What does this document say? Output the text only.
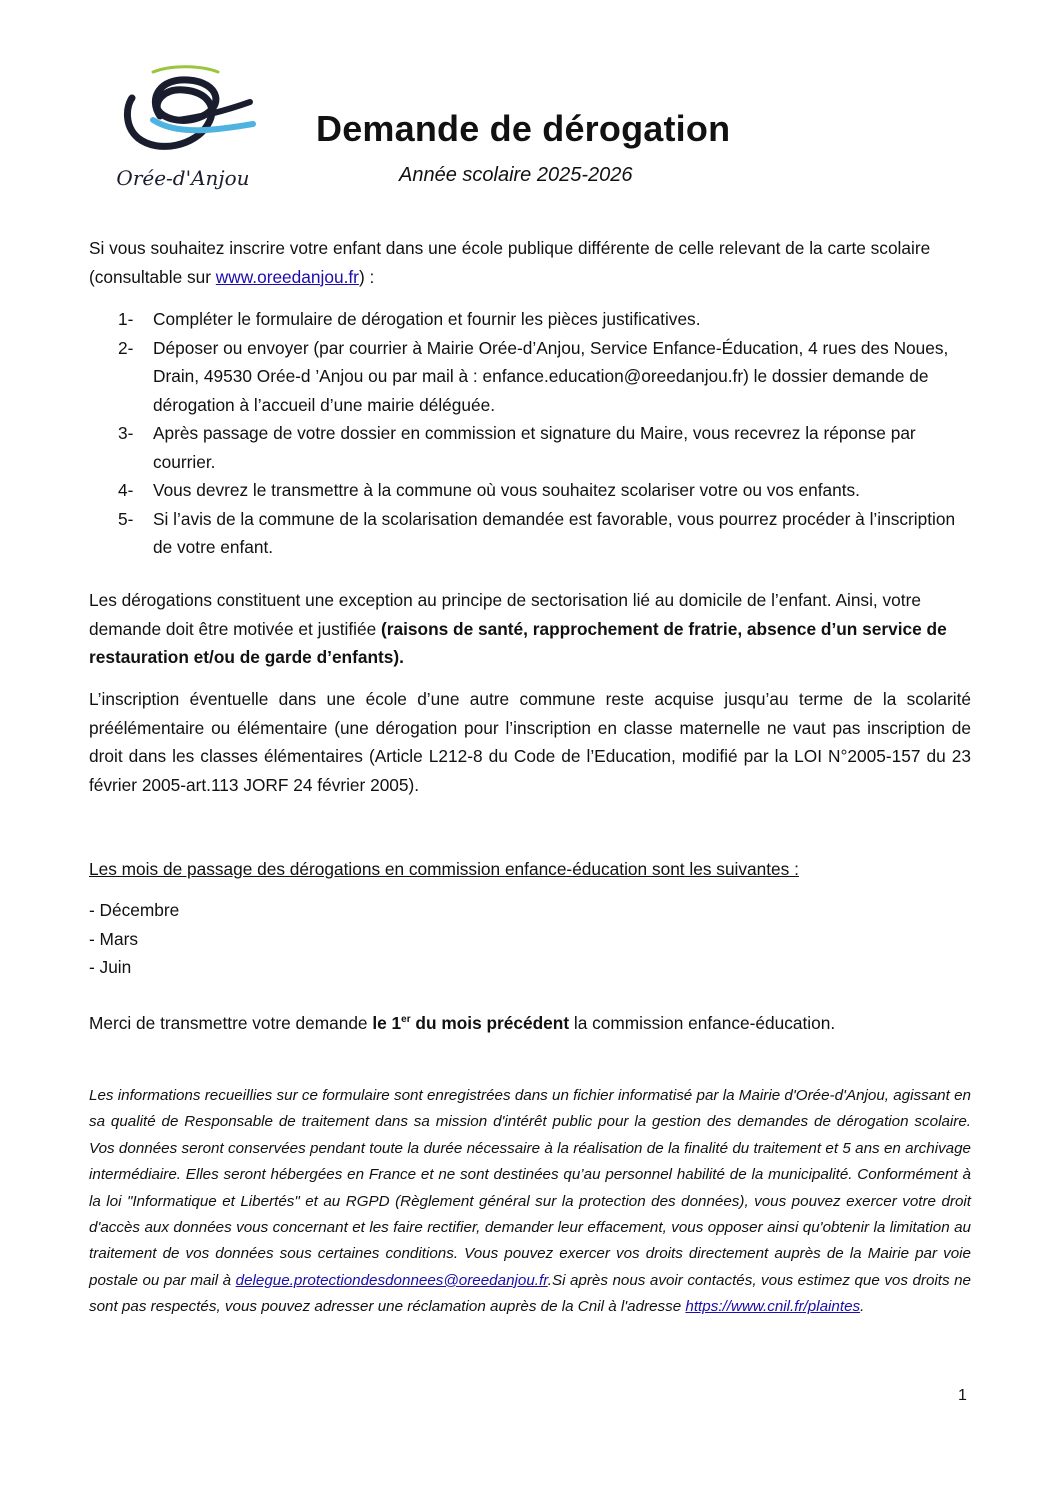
Orée-d'Anjou
Demande de dérogation

Année scolaire 2025-2026

Si vous souhaitez inscrire votre enfant dans une école publique différente de celle relevant de la carte scolaire (consultable sur www.oreedanjou.fr) :

1- Compléter le formulaire de dérogation et fournir les pièces justificatives.
2- Déposer ou envoyer (par courrier à Mairie Orée-d’Anjou, Service Enfance-Éducation, 4 rues des Noues, Drain, 49530 Orée-d ’Anjou ou par mail à : enfance.education@oreedanjou.fr) le dossier demande de dérogation à l’accueil d’une mairie déléguée.
3- Après passage de votre dossier en commission et signature du Maire, vous recevrez la réponse par courrier.
4- Vous devrez le transmettre à la commune où vous souhaitez scolariser votre ou vos enfants.
5- Si l’avis de la commune de la scolarisation demandée est favorable, vous pourrez procéder à l’inscription de votre enfant.

Les dérogations constituent une exception au principe de sectorisation lié au domicile de l’enfant. Ainsi, votre demande doit être motivée et justifiée (raisons de santé, rapprochement de fratrie, absence d’un service de restauration et/ou de garde d’enfants).

L’inscription éventuelle dans une école d’une autre commune reste acquise jusqu’au terme de la scolarité préélémentaire ou élémentaire (une dérogation pour l’inscription en classe maternelle ne vaut pas inscription de droit dans les classes élémentaires (Article L212-8 du Code de l’Education, modifié par la LOI N°2005-157 du 23 février 2005-art.113 JORF 24 février 2005).

Les mois de passage des dérogations en commission enfance-éducation sont les suivantes :

- Décembre
- Mars
- Juin

Merci de transmettre votre demande le 1er du mois précédent la commission enfance-éducation.

Les informations recueillies sur ce formulaire sont enregistrées dans un fichier informatisé par la Mairie d'Orée-d'Anjou, agissant en sa qualité de Responsable de traitement dans sa mission d'intérêt public pour la gestion des demandes de dérogation scolaire. Vos données seront conservées pendant toute la durée nécessaire à la réalisation de la finalité du traitement et 5 ans en archivage intermédiaire. Elles seront hébergées en France et ne sont destinées qu’au personnel habilité de la municipalité. Conformément à la loi "Informatique et Libertés" et au RGPD (Règlement général sur la protection des données), vous pouvez exercer votre droit d'accès aux données vous concernant et les faire rectifier, demander leur effacement, vous opposer ainsi qu'obtenir la limitation au traitement de vos données sous certaines conditions. Vous pouvez exercer vos droits directement auprès de la Mairie par voie postale ou par mail à delegue.protectiondesdonnees@oreedanjou.fr.Si après nous avoir contactés, vous estimez que vos droits ne sont pas respectés, vous pouvez adresser une réclamation auprès de la Cnil à l'adresse https://www.cnil.fr/plaintes.

1
